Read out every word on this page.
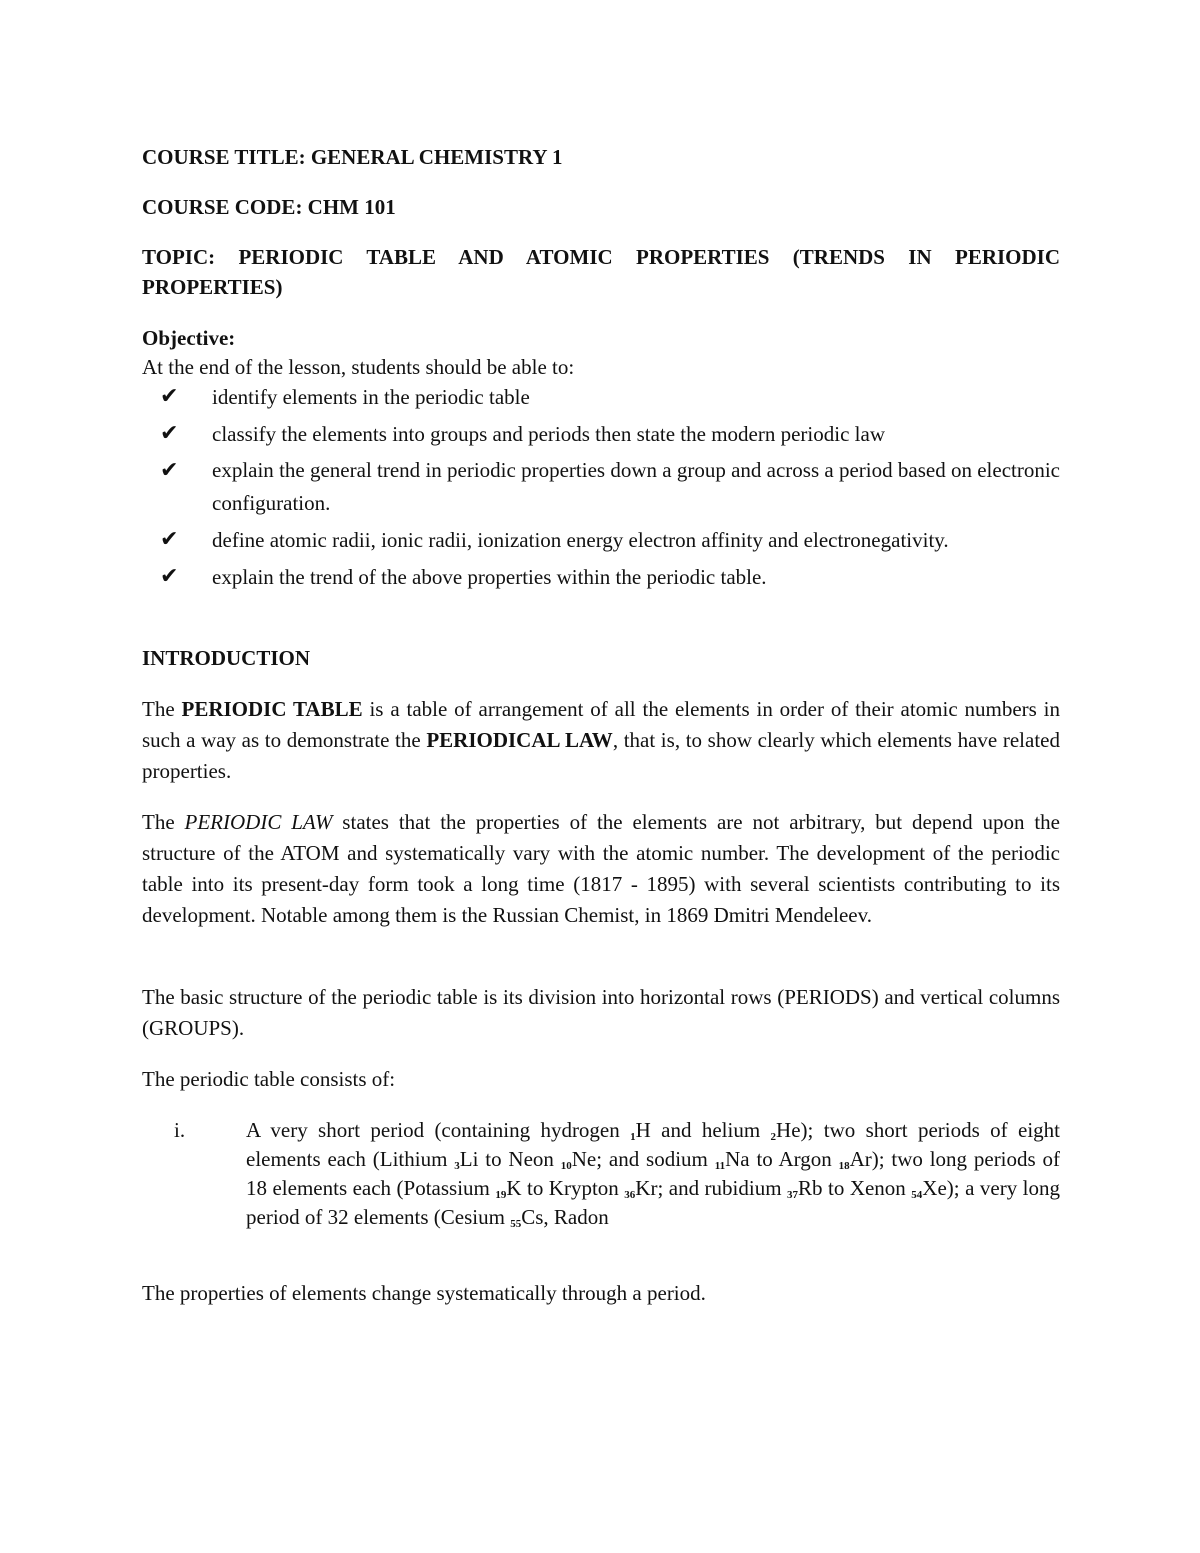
COURSE TITLE: GENERAL CHEMISTRY 1
COURSE CODE: CHM 101
TOPIC: PERIODIC TABLE AND ATOMIC PROPERTIES (TRENDS IN PERIODIC PROPERTIES)
Objective:
At the end of the lesson, students should be able to:
✔ identify elements in the periodic table
✔ classify the elements into groups and periods then state the modern periodic law
✔ explain the general trend in periodic properties down a group and across a period based on electronic configuration.
✔ define atomic radii, ionic radii, ionization energy electron affinity and electronegativity.
✔ explain the trend of the above properties within the periodic table.
INTRODUCTION
The PERIODIC TABLE is a table of arrangement of all the elements in order of their atomic numbers in such a way as to demonstrate the PERIODICAL LAW, that is, to show clearly which elements have related properties.
The PERIODIC LAW states that the properties of the elements are not arbitrary, but depend upon the structure of the ATOM and systematically vary with the atomic number. The development of the periodic table into its present-day form took a long time (1817 - 1895) with several scientists contributing to its development. Notable among them is the Russian Chemist, in 1869 Dmitri Mendeleev.
The basic structure of the periodic table is its division into horizontal rows (PERIODS) and vertical columns (GROUPS).
The periodic table consists of:
i.	A very short period (containing hydrogen $_1$H and helium $_2$He); two short periods of eight elements each (Lithium $_3$Li to Neon $_{10}$Ne; and sodium $_{11}$Na to Argon $_{18}$Ar); two long periods of 18 elements each (Potassium $_{19}$K to Krypton $_{36}$Kr; and rubidium $_{37}$Rb to Xenon $_{54}$Xe); a very long period of 32 elements (Cesium $_{55}$Cs, Radon
The properties of elements change systematically through a period.
